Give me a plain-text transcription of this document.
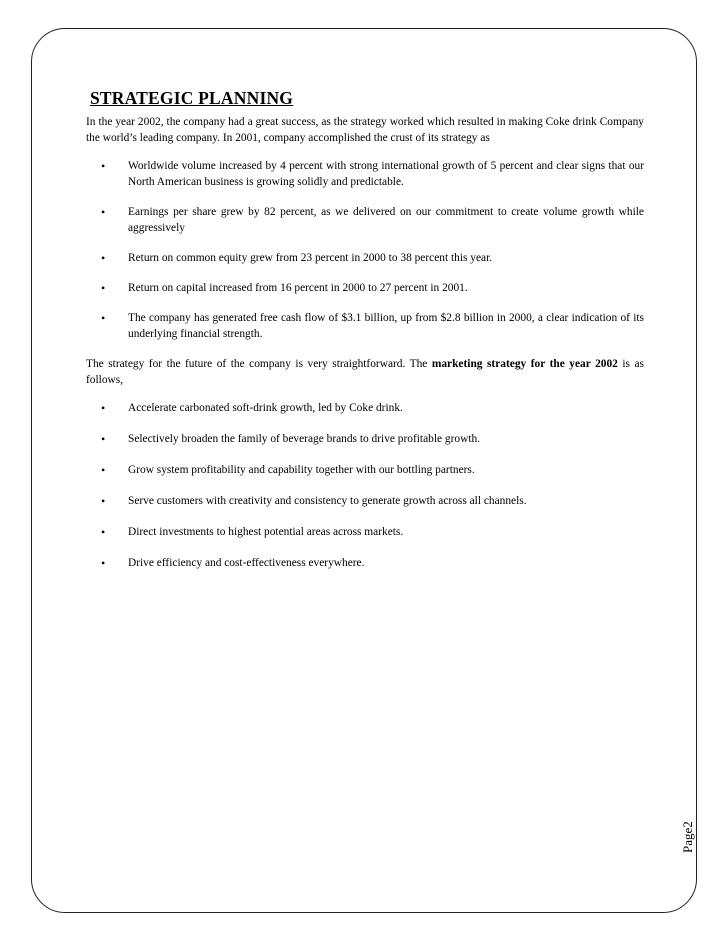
STRATEGIC PLANNING

In the year 2002, the company had a great success, as the strategy worked which resulted in making Coke drink Company the world’s leading company. In 2001, company accomplished the crust of its strategy as

• Worldwide volume increased by 4 percent with strong international growth of 5 percent and clear signs that our North American business is growing solidly and predictable.
• Earnings per share grew by 82 percent, as we delivered on our commitment to create volume growth while aggressively
• Return on common equity grew from 23 percent in 2000 to 38 percent this year.
• Return on capital increased from 16 percent in 2000 to 27 percent in 2001.
• The company has generated free cash flow of $3.1 billion, up from $2.8 billion in 2000, a clear indication of its underlying financial strength.

The strategy for the future of the company is very straightforward. The marketing strategy for the year 2002 is as follows,

• Accelerate carbonated soft-drink growth, led by Coke drink.
• Selectively broaden the family of beverage brands to drive profitable growth.
• Grow system profitability and capability together with our bottling partners.
• Serve customers with creativity and consistency to generate growth across all channels.
• Direct investments to highest potential areas across markets.
• Drive efficiency and cost-effectiveness everywhere.
Page2
